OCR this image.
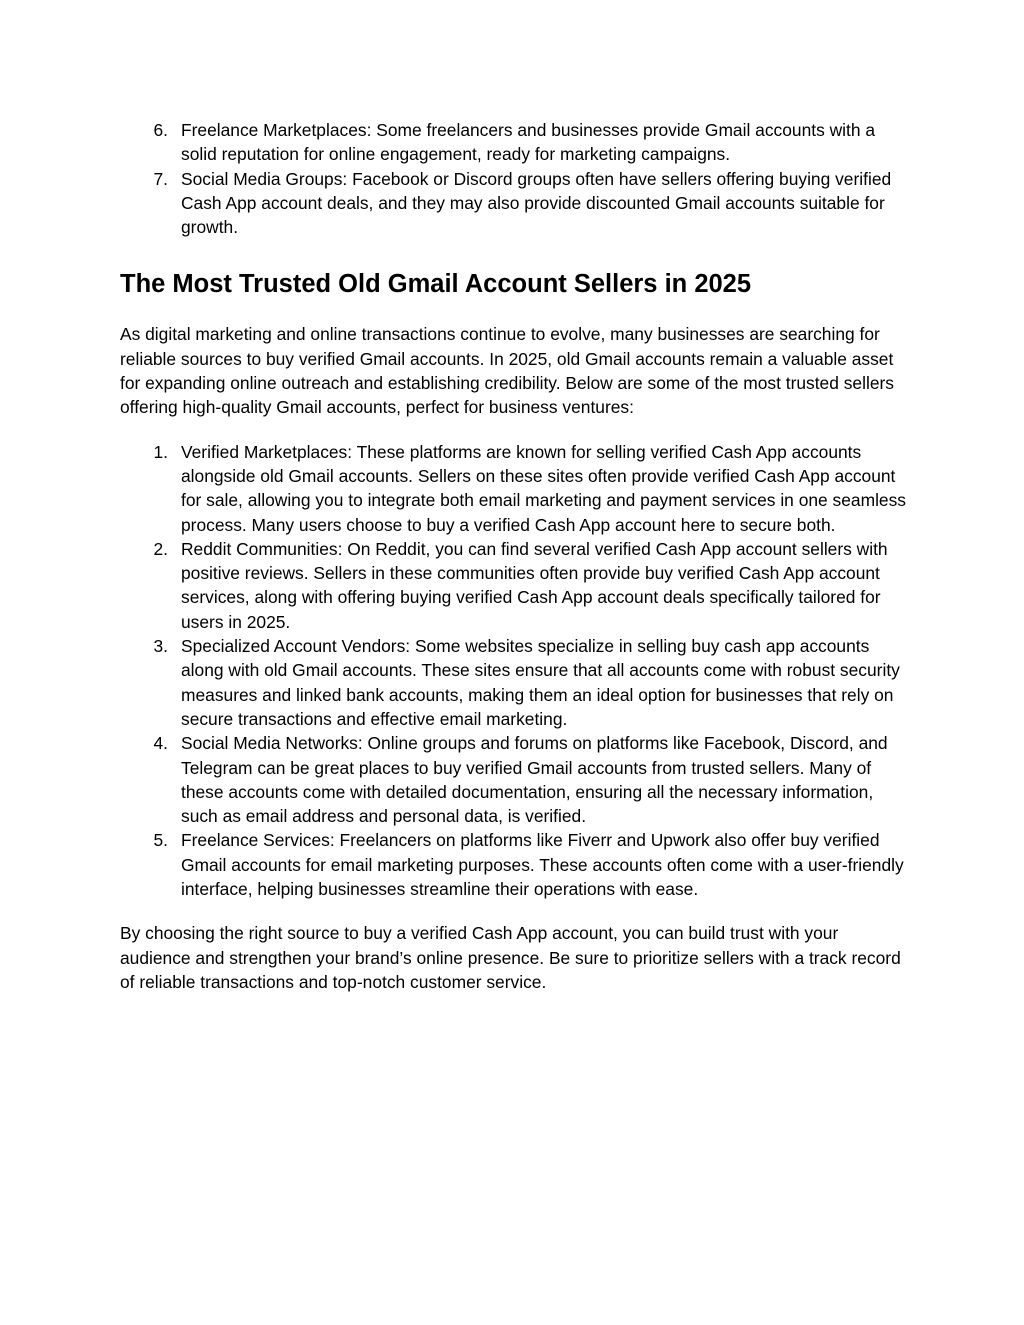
6. Freelance Marketplaces: Some freelancers and businesses provide Gmail accounts with a solid reputation for online engagement, ready for marketing campaigns.
7. Social Media Groups: Facebook or Discord groups often have sellers offering buying verified Cash App account deals, and they may also provide discounted Gmail accounts suitable for growth.
The Most Trusted Old Gmail Account Sellers in 2025

As digital marketing and online transactions continue to evolve, many businesses are searching for reliable sources to buy verified Gmail accounts. In 2025, old Gmail accounts remain a valuable asset for expanding online outreach and establishing credibility. Below are some of the most trusted sellers offering high-quality Gmail accounts, perfect for business ventures:

1. Verified Marketplaces: These platforms are known for selling verified Cash App accounts alongside old Gmail accounts. Sellers on these sites often provide verified Cash App account for sale, allowing you to integrate both email marketing and payment services in one seamless process. Many users choose to buy a verified Cash App account here to secure both.
2. Reddit Communities: On Reddit, you can find several verified Cash App account sellers with positive reviews. Sellers in these communities often provide buy verified Cash App account services, along with offering buying verified Cash App account deals specifically tailored for users in 2025.
3. Specialized Account Vendors: Some websites specialize in selling buy cash app accounts along with old Gmail accounts. These sites ensure that all accounts come with robust security measures and linked bank accounts, making them an ideal option for businesses that rely on secure transactions and effective email marketing.
4. Social Media Networks: Online groups and forums on platforms like Facebook, Discord, and Telegram can be great places to buy verified Gmail accounts from trusted sellers. Many of these accounts come with detailed documentation, ensuring all the necessary information, such as email address and personal data, is verified.
5. Freelance Services: Freelancers on platforms like Fiverr and Upwork also offer buy verified Gmail accounts for email marketing purposes. These accounts often come with a user-friendly interface, helping businesses streamline their operations with ease.

By choosing the right source to buy a verified Cash App account, you can build trust with your audience and strengthen your brand’s online presence. Be sure to prioritize sellers with a track record of reliable transactions and top-notch customer service.
